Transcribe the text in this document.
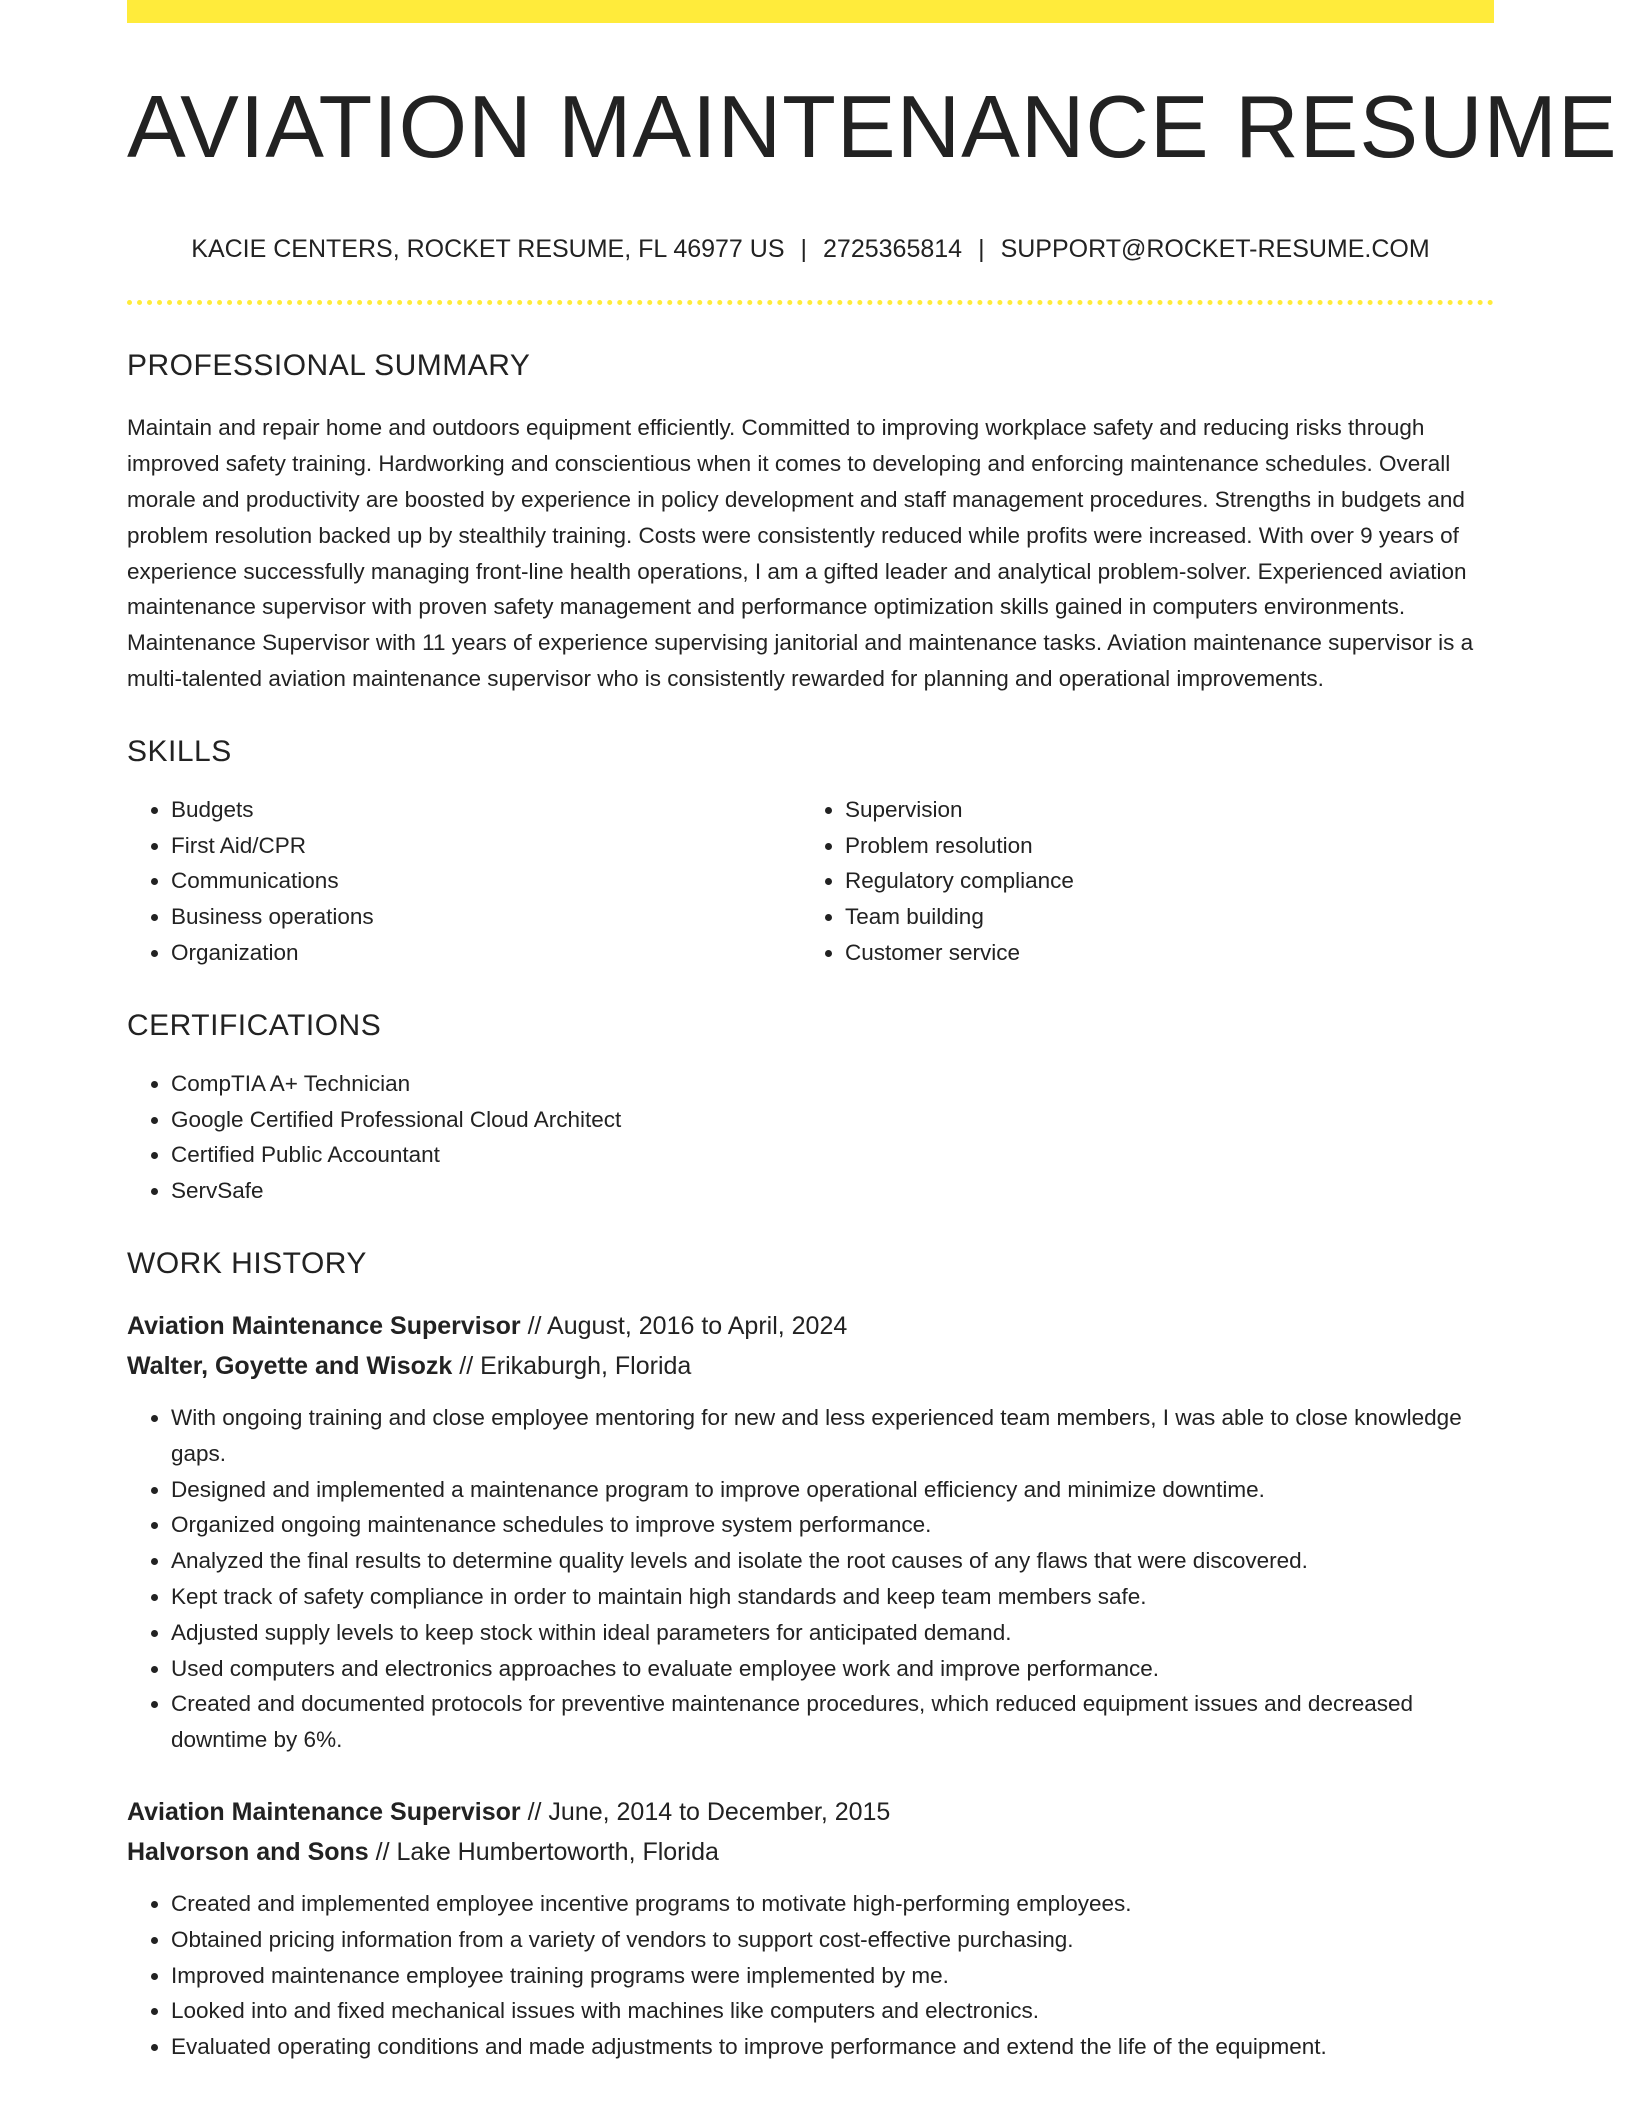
AVIATION MAINTENANCE RESUME
KACIE CENTERS, ROCKET RESUME, FL 46977 US | 2725365814 | SUPPORT@ROCKET-RESUME.COM
PROFESSIONAL SUMMARY

Maintain and repair home and outdoors equipment efficiently. Committed to improving workplace safety and reducing risks through improved safety training. Hardworking and conscientious when it comes to developing and enforcing maintenance schedules. Overall morale and productivity are boosted by experience in policy development and staff management procedures. Strengths in budgets and problem resolution backed up by stealthily training. Costs were consistently reduced while profits were increased. With over 9 years of experience successfully managing front-line health operations, I am a gifted leader and analytical problem-solver. Experienced aviation maintenance supervisor with proven safety management and performance optimization skills gained in computers environments. Maintenance Supervisor with 11 years of experience supervising janitorial and maintenance tasks. Aviation maintenance supervisor is a multi-talented aviation maintenance supervisor who is consistently rewarded for planning and operational improvements.

SKILLS
• Budgets
• First Aid/CPR
• Communications
• Business operations
• Organization
• Supervision
• Problem resolution
• Regulatory compliance
• Team building
• Customer service
CERTIFICATIONS
• CompTIA A+ Technician
• Google Certified Professional Cloud Architect
• Certified Public Accountant
• ServSafe
WORK HISTORY
Aviation Maintenance Supervisor // August, 2016 to April, 2024
Walter, Goyette and Wisozk // Erikaburgh, Florida
• With ongoing training and close employee mentoring for new and less experienced team members, I was able to close knowledge gaps.
• Designed and implemented a maintenance program to improve operational efficiency and minimize downtime.
• Organized ongoing maintenance schedules to improve system performance.
• Analyzed the final results to determine quality levels and isolate the root causes of any flaws that were discovered.
• Kept track of safety compliance in order to maintain high standards and keep team members safe.
• Adjusted supply levels to keep stock within ideal parameters for anticipated demand.
• Used computers and electronics approaches to evaluate employee work and improve performance.
• Created and documented protocols for preventive maintenance procedures, which reduced equipment issues and decreased downtime by 6%.
Aviation Maintenance Supervisor // June, 2014 to December, 2015
Halvorson and Sons // Lake Humbertoworth, Florida
• Created and implemented employee incentive programs to motivate high-performing employees.
• Obtained pricing information from a variety of vendors to support cost-effective purchasing.
• Improved maintenance employee training programs were implemented by me.
• Looked into and fixed mechanical issues with machines like computers and electronics.
• Evaluated operating conditions and made adjustments to improve performance and extend the life of the equipment.
